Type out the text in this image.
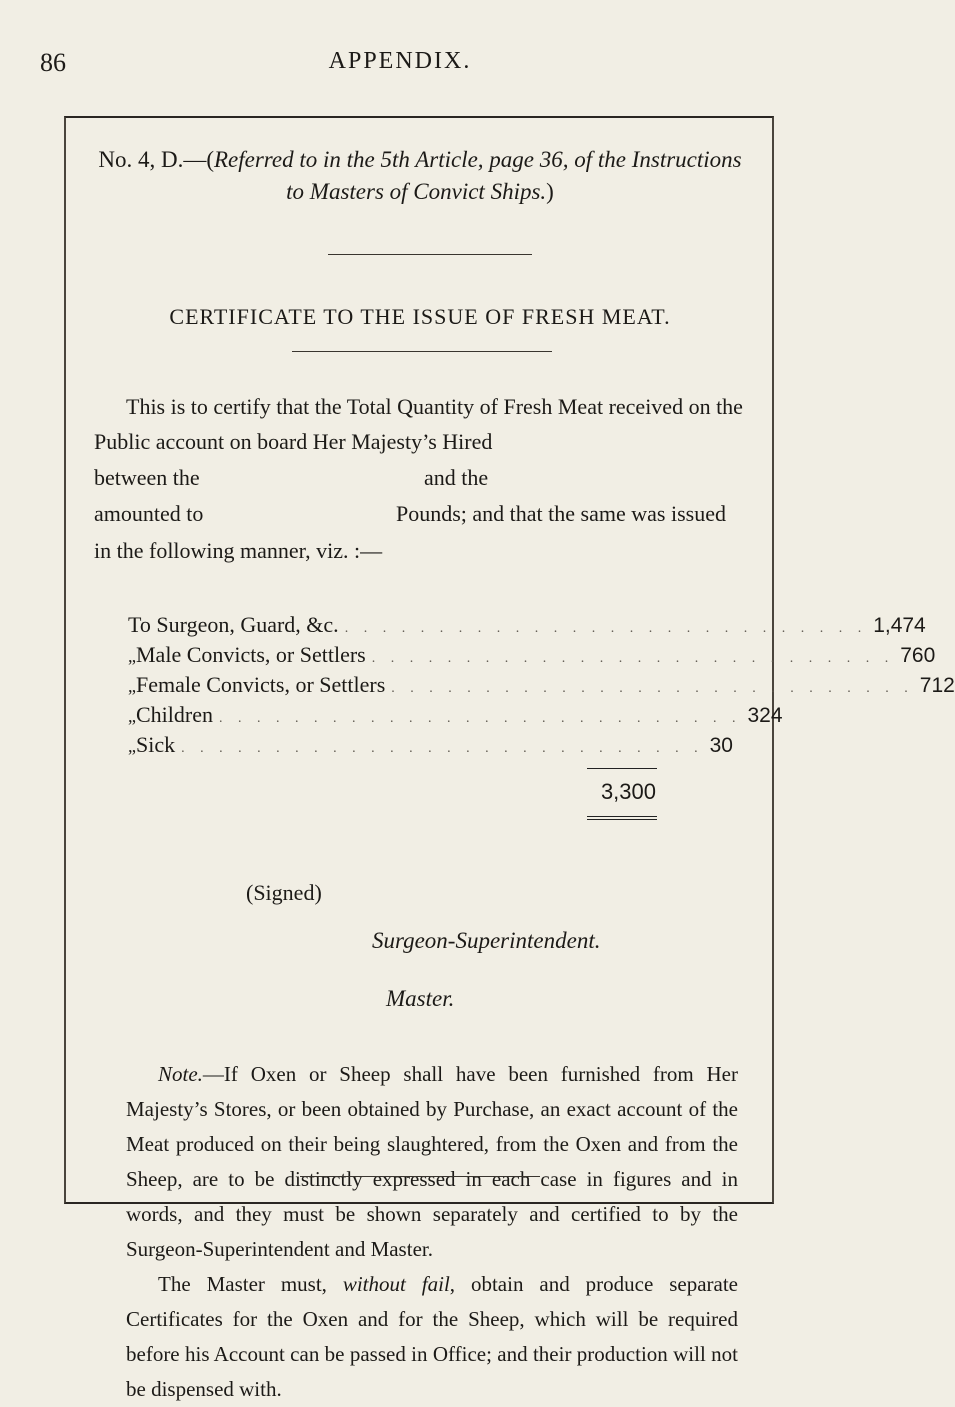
86	APPENDIX.
No. 4, D.—(Referred to in the 5th Article, page 36, of the Instructions
to Masters of Convict Ships.)
CERTIFICATE TO THE ISSUE OF FRESH MEAT.
This is to certify that the Total Quantity of Fresh Meat received on the
Public account on board Her Majesty’s Hired
between the	and the
amounted to	Pounds; and that the same was issued
in the following manner, viz. :—
To Surgeon, Guard, &c. . . . . . . . . . . . . . . . . . . . . . . . . . . . . 1,474
„ Male Convicts, or Settlers . . . . . . . . . . . . . . . . . . . . . . . . . . . . 760
„ Female Convicts, or Settlers . . . . . . . . . . . . . . . . . . . . . . . . . . . . 712
„ Children . . . . . . . . . . . . . . . . . . . . . . . . . . . . 324
„ Sick . . . . . . . . . . . . . . . . . . . . . . . . . . . . 30
3,300
(Signed)
Surgeon-Superintendent.
Master.
Note.—If Oxen or Sheep shall have been furnished from Her Majesty’s Stores, or been obtained by Purchase, an exact account of the Meat produced on their being slaughtered, from the Oxen and from the Sheep, are to be distinctly expressed in each case in figures and in words, and they must be shown separately and certified to by the Surgeon-Superintendent and Master.
The Master must, without fail, obtain and produce separate Certificates for the Oxen and for the Sheep, which will be required before his Account can be passed in Office; and their production will not be dispensed with.
